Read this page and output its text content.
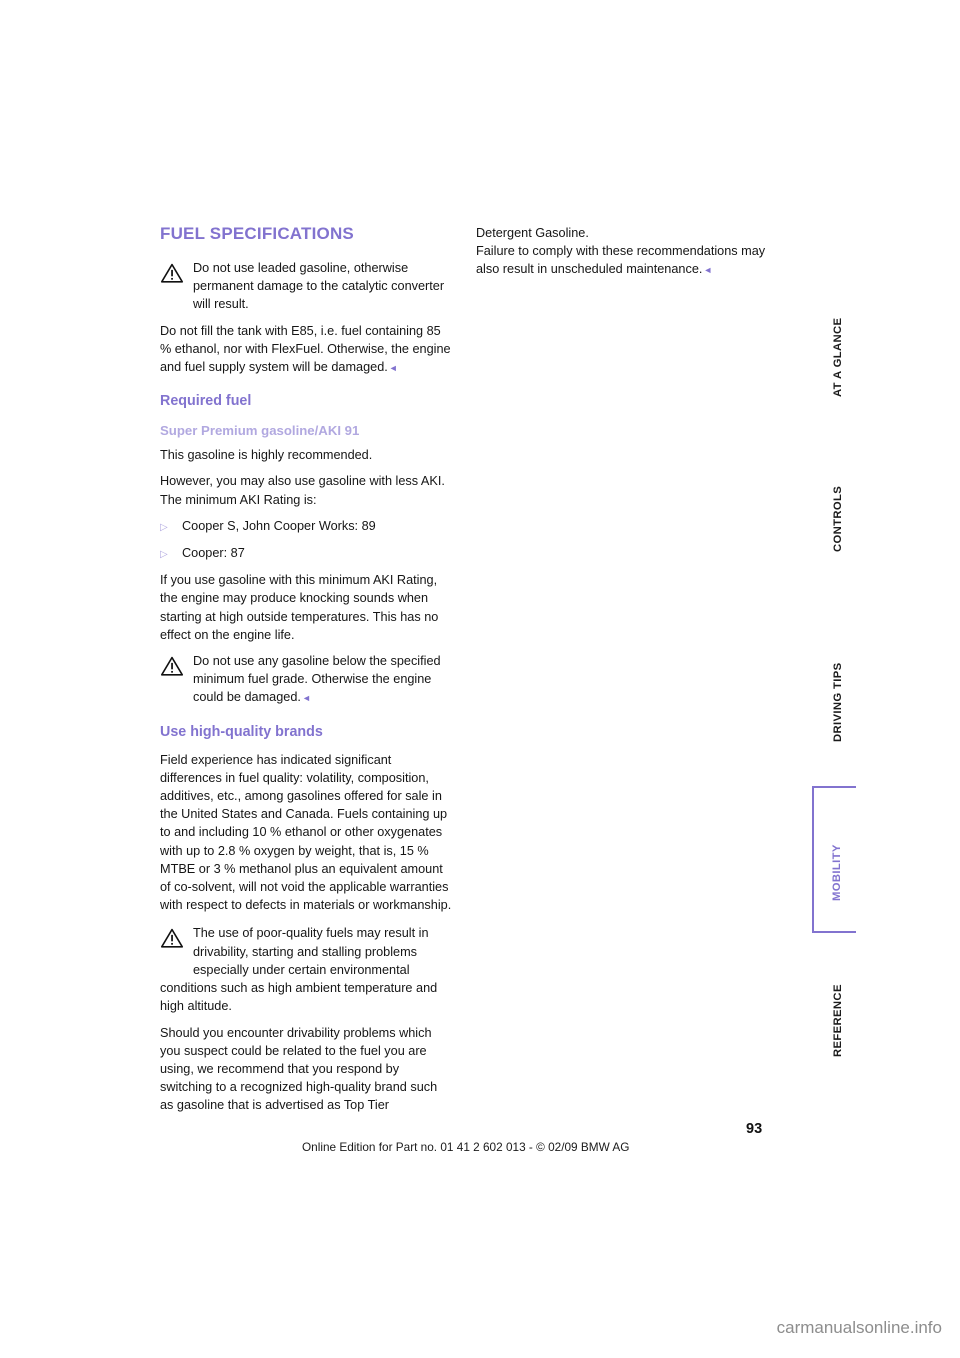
FUEL SPECIFICATIONS

Do not use leaded gasoline, otherwise permanent damage to the catalytic converter will result.

Do not fill the tank with E85, i.e. fuel containing 85 % ethanol, nor with FlexFuel. Otherwise, the engine and fuel supply system will be damaged.◄

Required fuel
Super Premium gasoline/AKI 91

This gasoline is highly recommended.

However, you may also use gasoline with less AKI. The minimum AKI Rating is:

▷	Cooper S, John Cooper Works: 89
▷	Cooper: 87

If you use gasoline with this minimum AKI Rating, the engine may produce knocking sounds when starting at high outside temperatures. This has no effect on the engine life.

Do not use any gasoline below the specified minimum fuel grade. Otherwise the engine could be damaged.◄

Use high-quality brands

Field experience has indicated significant differences in fuel quality: volatility, composition, additives, etc., among gasolines offered for sale in the United States and Canada. Fuels containing up to and including 10 % ethanol or other oxygenates with up to 2.8 % oxygen by weight, that is, 15 % MTBE or 3 % methanol plus an equivalent amount of co-solvent, will not void the applicable warranties with respect to defects in materials or workmanship.

The use of poor-quality fuels may result in drivability, starting and stalling problems especially under certain environmental conditions such as high ambient temperature and high altitude.

Should you encounter drivability problems which you suspect could be related to the fuel you are using, we recommend that you respond by switching to a recognized high-quality brand such as gasoline that is advertised as Top Tier

Detergent Gasoline.

Failure to comply with these recommendations may also result in unscheduled maintenance.◄

AT A GLANCE
CONTROLS
DRIVING TIPS
MOBILITY
REFERENCE
93
Online Edition for Part no. 01 41 2 602 013 - © 02/09 BMW AG
carmanualsonline.info
